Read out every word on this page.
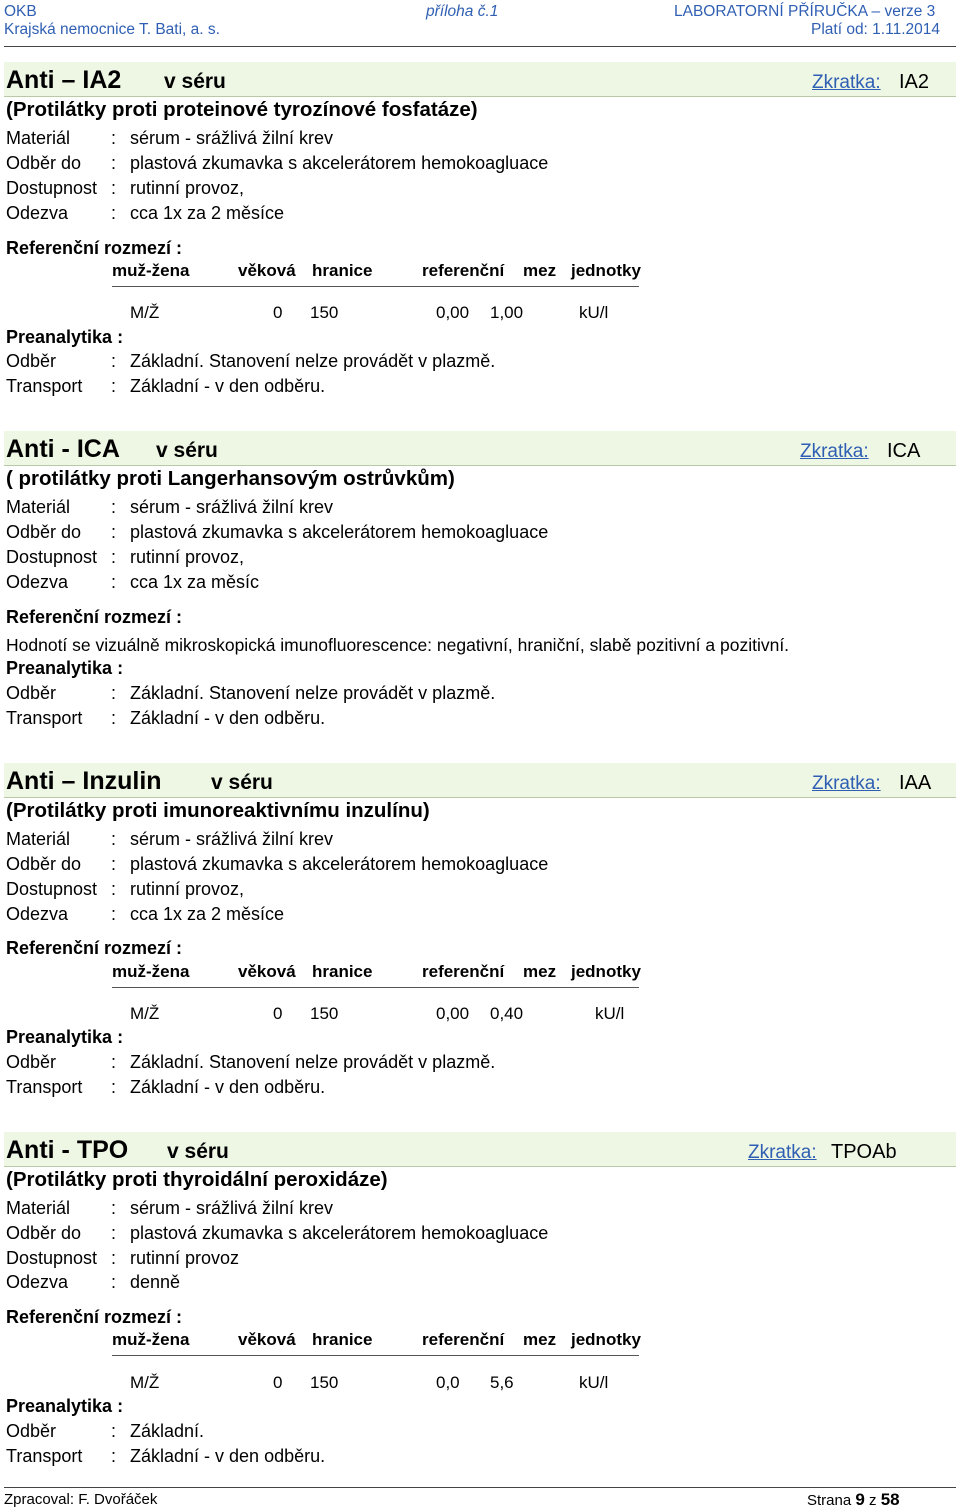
OKB
Krajská nemocnice T. Bati, a. s.
příloha č.1	LABORATORNÍ PŘÍRUČKA – verze 3
Platí od: 1.11.2014
Anti – IA2 v séru	Zkratka: IA2
(Protilátky proti proteinové tyrozínové fosfatáze)
Materiál : sérum - srážlivá žilní krev
Odběr do : plastová zkumavka s akcelerátorem hemokoagluace
Dostupnost : rutinní provoz,
Odezva : cca 1x za 2 měsíce
Referenční rozmezí :
muž-žena	věková hranice	referenční mez jednotky
M/Ž	0 150	0,00 1,00	kU/l
Preanalytika :
Odběr	: Základní. Stanovení nelze provádět v plazmě.
Transport : Základní - v den odběru.
Anti - ICA v séru	Zkratka: ICA
( protilátky proti Langerhansovým ostrůvkům)
Materiál : sérum - srážlivá žilní krev
Odběr do : plastová zkumavka s akcelerátorem hemokoagluace
Dostupnost : rutinní provoz,
Odezva : cca 1x za měsíc
Referenční rozmezí :
Hodnotí se vizuálně mikroskopická imunofluorescence: negativní, hraniční, slabě pozitivní a pozitivní.
Preanalytika :
Odběr	: Základní. Stanovení nelze provádět v plazmě.
Transport : Základní - v den odběru.
Anti – Inzulin v séru	Zkratka: IAA
(Protilátky proti imunoreaktivnímu inzulínu)
Materiál : sérum - srážlivá žilní krev
Odběr do : plastová zkumavka s akcelerátorem hemokoagluace
Dostupnost : rutinní provoz,
Odezva : cca 1x za 2 měsíce
Referenční rozmezí :
muž-žena	věková hranice	referenční mez jednotky
M/Ž	0 150	0,00 0,40	kU/l
Preanalytika :
Odběr	: Základní. Stanovení nelze provádět v plazmě.
Transport : Základní - v den odběru.
Anti - TPO v séru	Zkratka: TPOAb
(Protilátky proti thyroidální peroxidáze)
Materiál : sérum - srážlivá žilní krev
Odběr do : plastová zkumavka s akcelerátorem hemokoagluace
Dostupnost : rutinní provoz
Odezva : denně
Referenční rozmezí :
muž-žena	věková hranice	referenční mez jednotky
M/Ž	0 150	0,0 5,6	kU/l
Preanalytika :
Odběr	: Základní.
Transport : Základní - v den odběru.
Zpracoval: F. Dvořáček	Strana 9 z 58
